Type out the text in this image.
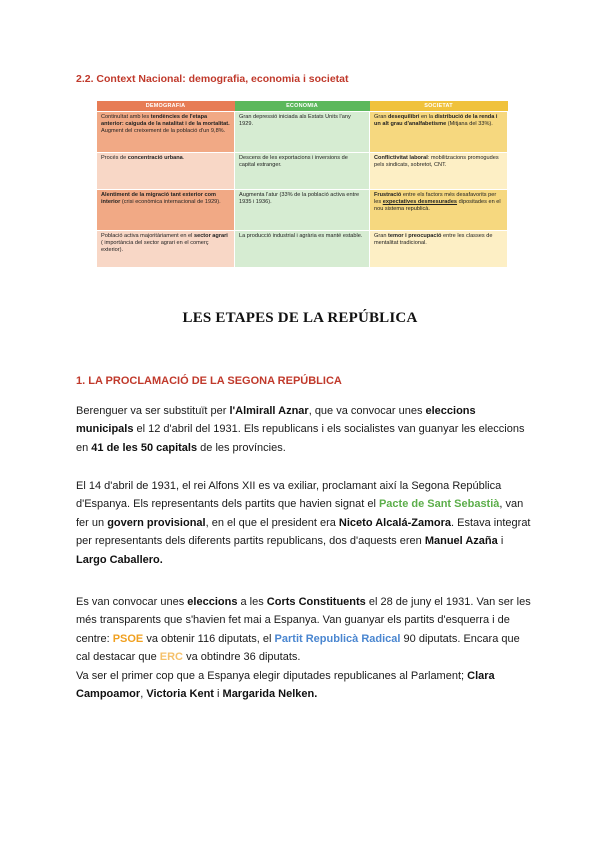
2.2. Context Nacional: demografia, economia i societat
DEMOGRAFIA	ECONOMIA	SOCIETAT
Continuïtat amb les tendències de l'etapa anterior: caiguda de la natalitat i de la mortalitat. Augment del creixement de la població d'un 9,8%.	Gran depressió iniciada als Estats Units l'any 1929.	Gran desequilibri en la distribució de la renda i un alt grau d'analfabetisme (Mitjana del 33%).
Procés de concentració urbana.	Descens de les exportacions i inversions de capital estranger.	Conflictivitat laboral: mobilitzacions promogudes pels sindicats, sobretot, CNT.
Alentiment de la migració tant exterior com interior (crisi econòmica internacional de 1929).	Augmenta l'atur (33% de la població activa entre 1935 i 1936).	Frustració entre els factors més desafavorits per les expectatives desmesurades dipositades en el nou sistema republicà.
Població activa majoritàriament en el sector agrari ( importància del sector agrari en el comerç exterior).	La producció industrial i agrària es manté estable.	Gran temor i preocupació entre les classes de mentalitat tradicional.
LES ETAPES DE LA REPÚBLICA
1. LA PROCLAMACIÓ DE LA SEGONA REPÚBLICA
Berenguer va ser substituït per l'Almirall Aznar, que va convocar unes eleccions municipals el 12 d'abril del 1931. Els republicans i els socialistes van guanyar les eleccions en 41 de les 50 capitals de les províncies.
El 14 d'abril de 1931, el rei Alfons XII es va exiliar, proclamant així la Segona República d'Espanya. Els representants dels partits que havien signat el Pacte de Sant Sebastià, van fer un govern provisional, en el que el president era Niceto Alcalá-Zamora. Estava integrat per representants dels diferents partits republicans, dos d'aquests eren Manuel Azaña i Largo Caballero.
Es van convocar unes eleccions a les Corts Constituents el 28 de juny el 1931. Van ser les més transparents que s'havien fet mai a Espanya. Van guanyar els partits d'esquerra i de centre: PSOE va obtenir 116 diputats, el Partit Republicà Radical 90 diputats. Encara que cal destacar que ERC va obtindre 36 diputats.
Va ser el primer cop que a Espanya elegir diputades republicanes al Parlament; Clara Campoamor, Victoria Kent i Margarida Nelken.
